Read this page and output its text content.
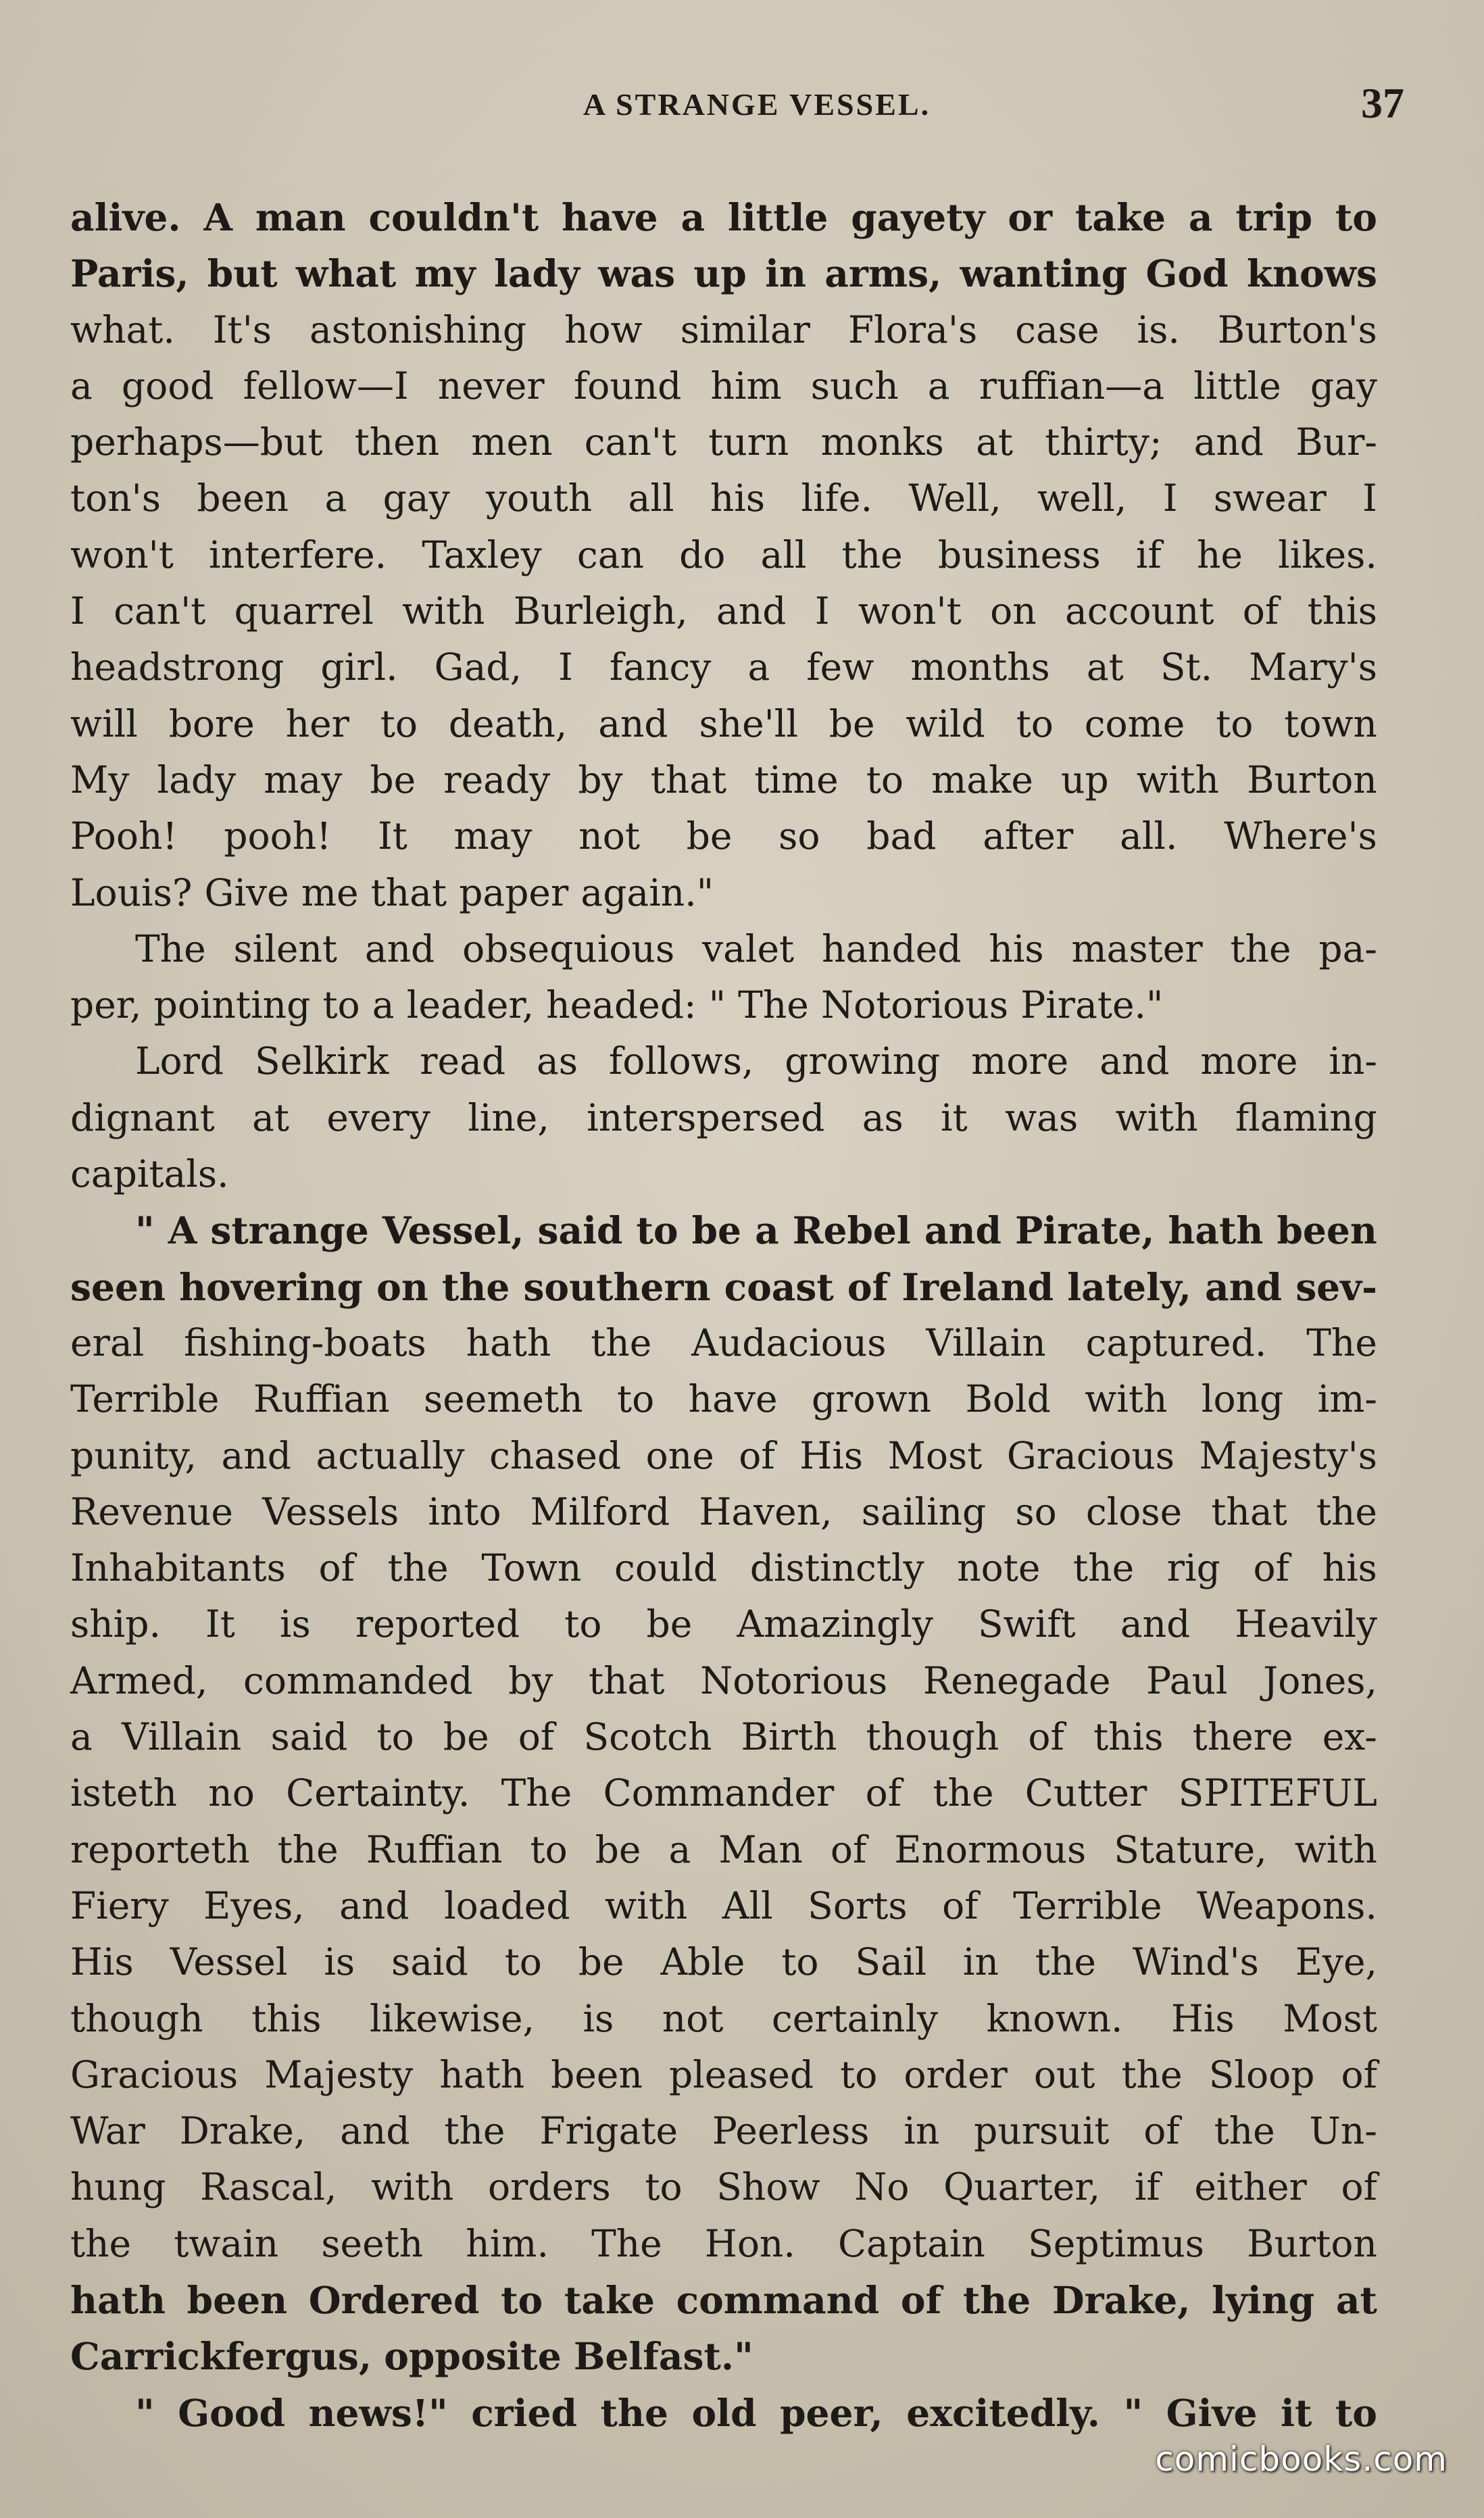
A STRANGE VESSEL.	37
alive. A man couldn't have a little gayety or take a trip to
Paris, but what my lady was up in arms, wanting God knows
what. It's astonishing how similar Flora's case is. Burton's
a good fellow—I never found him such a ruffian—a little gay
perhaps—but then men can't turn monks at thirty; and Bur-
ton's been a gay youth all his life. Well, well, I swear I
won't interfere. Taxley can do all the business if he likes.
I can't quarrel with Burleigh, and I won't on account of this
headstrong girl. Gad, I fancy a few months at St. Mary's
will bore her to death, and she'll be wild to come to town
My lady may be ready by that time to make up with Burton
Pooh! pooh! It may not be so bad after all. Where's
Louis? Give me that paper again."
The silent and obsequious valet handed his master the pa-
per, pointing to a leader, headed: " The Notorious Pirate."
Lord Selkirk read as follows, growing more and more in-
dignant at every line, interspersed as it was with flaming
capitals.
" A strange Vessel, said to be a Rebel and Pirate, hath been
seen hovering on the southern coast of Ireland lately, and sev-
eral fishing-boats hath the Audacious Villain captured. The
Terrible Ruffian seemeth to have grown Bold with long im-
punity, and actually chased one of His Most Gracious Majesty's
Revenue Vessels into Milford Haven, sailing so close that the
Inhabitants of the Town could distinctly note the rig of his
ship. It is reported to be Amazingly Swift and Heavily
Armed, commanded by that Notorious Renegade Paul Jones,
a Villain said to be of Scotch Birth though of this there ex-
isteth no Certainty. The Commander of the Cutter SPITEFUL
reporteth the Ruffian to be a Man of Enormous Stature, with
Fiery Eyes, and loaded with All Sorts of Terrible Weapons.
His Vessel is said to be Able to Sail in the Wind's Eye,
though this likewise, is not certainly known. His Most
Gracious Majesty hath been pleased to order out the Sloop of
War Drake, and the Frigate Peerless in pursuit of the Un-
hung Rascal, with orders to Show No Quarter, if either of
the twain seeth him. The Hon. Captain Septimus Burton
hath been Ordered to take command of the Drake, lying at
Carrickfergus, opposite Belfast."
" Good news!" cried the old peer, excitedly. " Give it to
comicbooks.com
